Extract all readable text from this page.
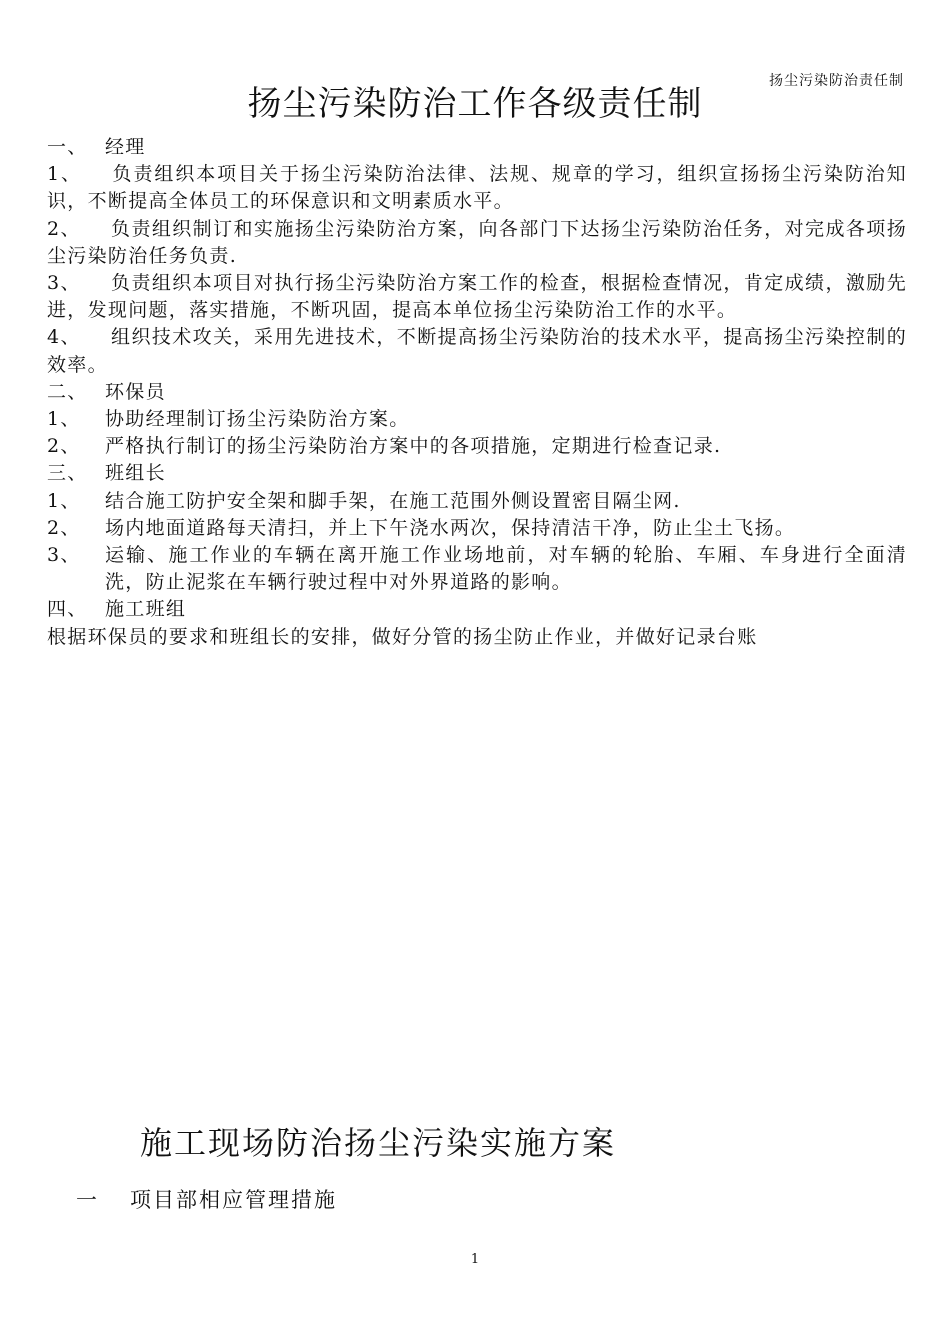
扬尘污染防治责任制
扬尘污染防治工作各级责任制
一、 经理
1、 负责组织本项目关于扬尘污染防治法律、法规、规章的学习，组织宣扬扬尘污染防治知识，不断提高全体员工的环保意识和文明素质水平。
2、 负责组织制订和实施扬尘污染防治方案，向各部门下达扬尘污染防治任务，对完成各项扬尘污染防治任务负责.
3、 负责组织本项目对执行扬尘污染防治方案工作的检查，根据检查情况，肯定成绩，激励先进，发现问题，落实措施，不断巩固，提高本单位扬尘污染防治工作的水平。
4、 组织技术攻关，采用先进技术，不断提高扬尘污染防治的技术水平，提高扬尘污染控制的效率。
二、 环保员
1、	协助经理制订扬尘污染防治方案。
2、	严格执行制订的扬尘污染防治方案中的各项措施，定期进行检查记录.
三、 班组长
1、	结合施工防护安全架和脚手架，在施工范围外侧设置密目隔尘网.
2、	场内地面道路每天清扫，并上下午浇水两次，保持清洁干净，防止尘土飞扬。
3、	运输、施工作业的车辆在离开施工作业场地前，对车辆的轮胎、车厢、车身进行全面清洗，防止泥浆在车辆行驶过程中对外界道路的影响。
四、 施工班组
根据环保员的要求和班组长的安排，做好分管的扬尘防止作业，并做好记录台账
施工现场防治扬尘污染实施方案
一 项目部相应管理措施
1
